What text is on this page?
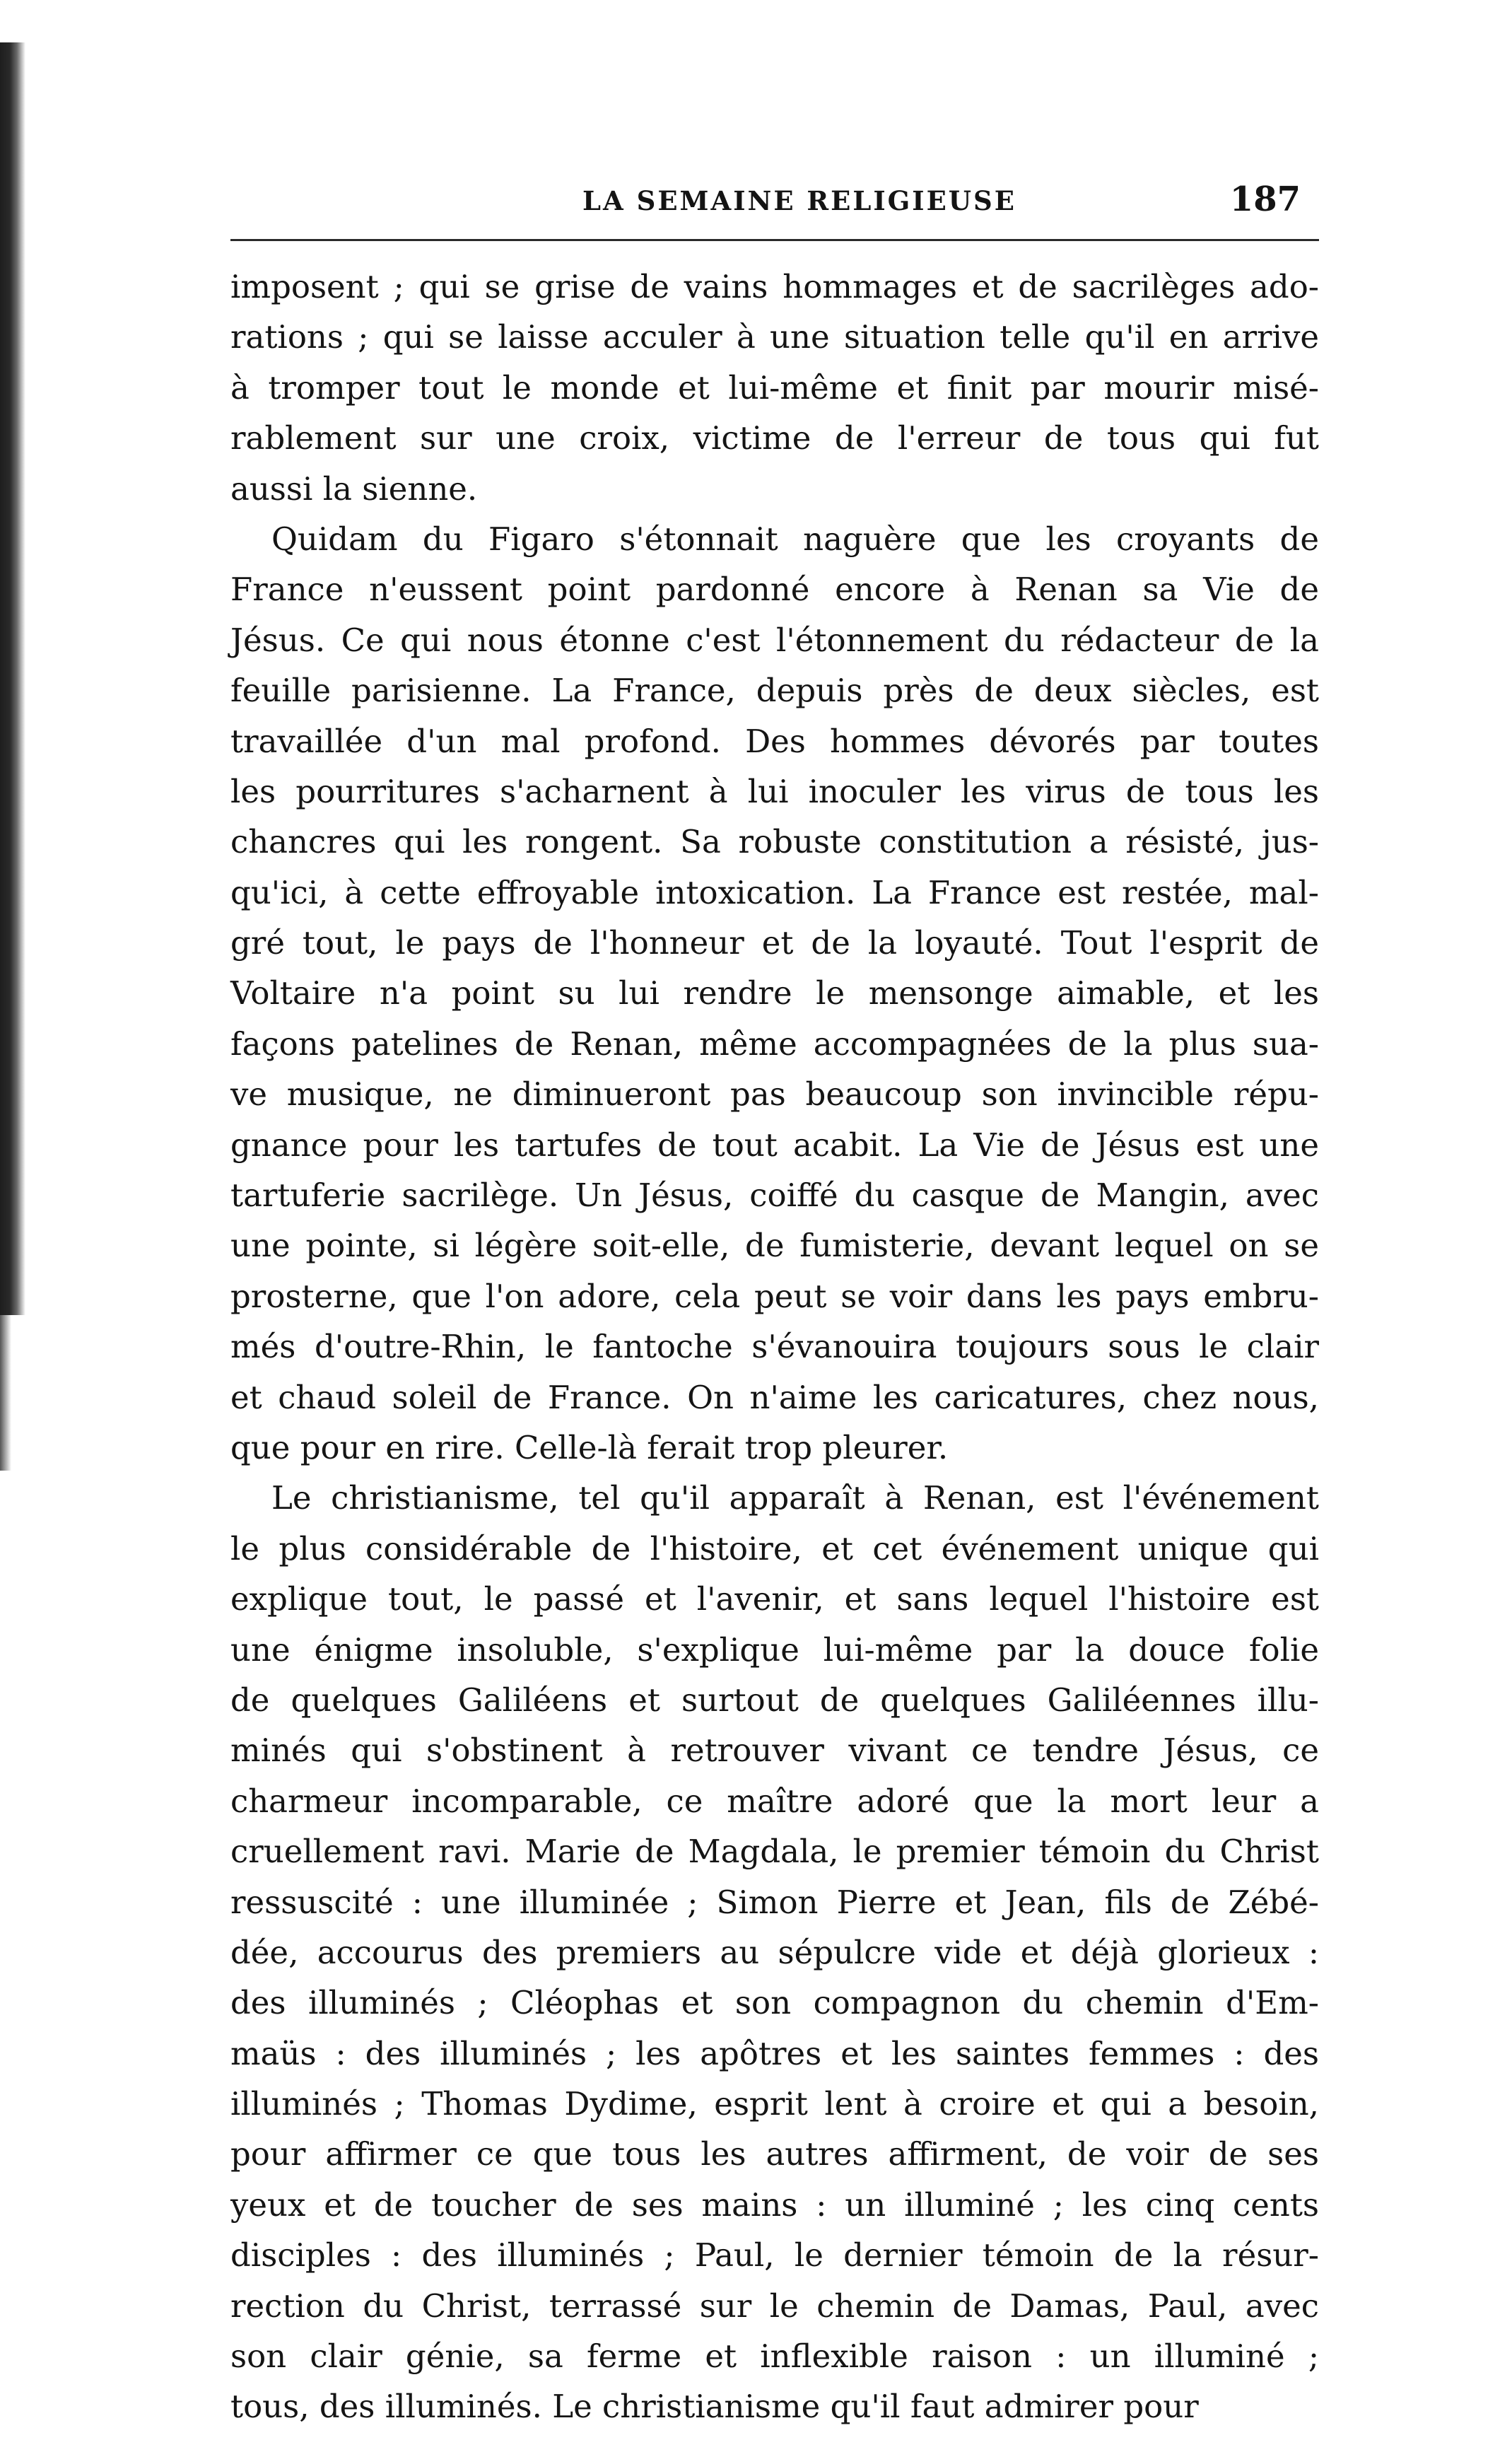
LA SEMAINE RELIGIEUSE	187
imposent ; qui se grise de vains hommages et de sacrilèges ado-
rations ; qui se laisse acculer à une situation telle qu'il en arrive
à tromper tout le monde et lui-même et finit par mourir misé-
rablement sur une croix, victime de l'erreur de tous qui fut
aussi la sienne.
Quidam du Figaro s'étonnait naguère que les croyants de
France n'eussent point pardonné encore à Renan sa Vie de
Jésus. Ce qui nous étonne c'est l'étonnement du rédacteur de la
feuille parisienne. La France, depuis près de deux siècles, est
travaillée d'un mal profond. Des hommes dévorés par toutes
les pourritures s'acharnent à lui inoculer les virus de tous les
chancres qui les rongent. Sa robuste constitution a résisté, jus-
qu'ici, à cette effroyable intoxication. La France est restée, mal-
gré tout, le pays de l'honneur et de la loyauté. Tout l'esprit de
Voltaire n'a point su lui rendre le mensonge aimable, et les
façons patelines de Renan, même accompagnées de la plus sua-
ve musique, ne diminueront pas beaucoup son invincible répu-
gnance pour les tartufes de tout acabit. La Vie de Jésus est une
tartuferie sacrilège. Un Jésus, coiffé du casque de Mangin, avec
une pointe, si légère soit-elle, de fumisterie, devant lequel on se
prosterne, que l'on adore, cela peut se voir dans les pays embru-
més d'outre-Rhin, le fantoche s'évanouira toujours sous le clair
et chaud soleil de France. On n'aime les caricatures, chez nous,
que pour en rire. Celle-là ferait trop pleurer.
Le christianisme, tel qu'il apparaît à Renan, est l'événement
le plus considérable de l'histoire, et cet événement unique qui
explique tout, le passé et l'avenir, et sans lequel l'histoire est
une énigme insoluble, s'explique lui-même par la douce folie
de quelques Galiléens et surtout de quelques Galiléennes illu-
minés qui s'obstinent à retrouver vivant ce tendre Jésus, ce
charmeur incomparable, ce maître adoré que la mort leur a
cruellement ravi. Marie de Magdala, le premier témoin du Christ
ressuscité : une illuminée ; Simon Pierre et Jean, fils de Zébé-
dée, accourus des premiers au sépulcre vide et déjà glorieux :
des illuminés ; Cléophas et son compagnon du chemin d'Em-
maüs : des illuminés ; les apôtres et les saintes femmes : des
illuminés ; Thomas Dydime, esprit lent à croire et qui a besoin,
pour affirmer ce que tous les autres affirment, de voir de ses
yeux et de toucher de ses mains : un illuminé ; les cinq cents
disciples : des illuminés ; Paul, le dernier témoin de la résur-
rection du Christ, terrassé sur le chemin de Damas, Paul, avec
son clair génie, sa ferme et inflexible raison : un illuminé ;
tous, des illuminés. Le christianisme qu'il faut admirer pour
